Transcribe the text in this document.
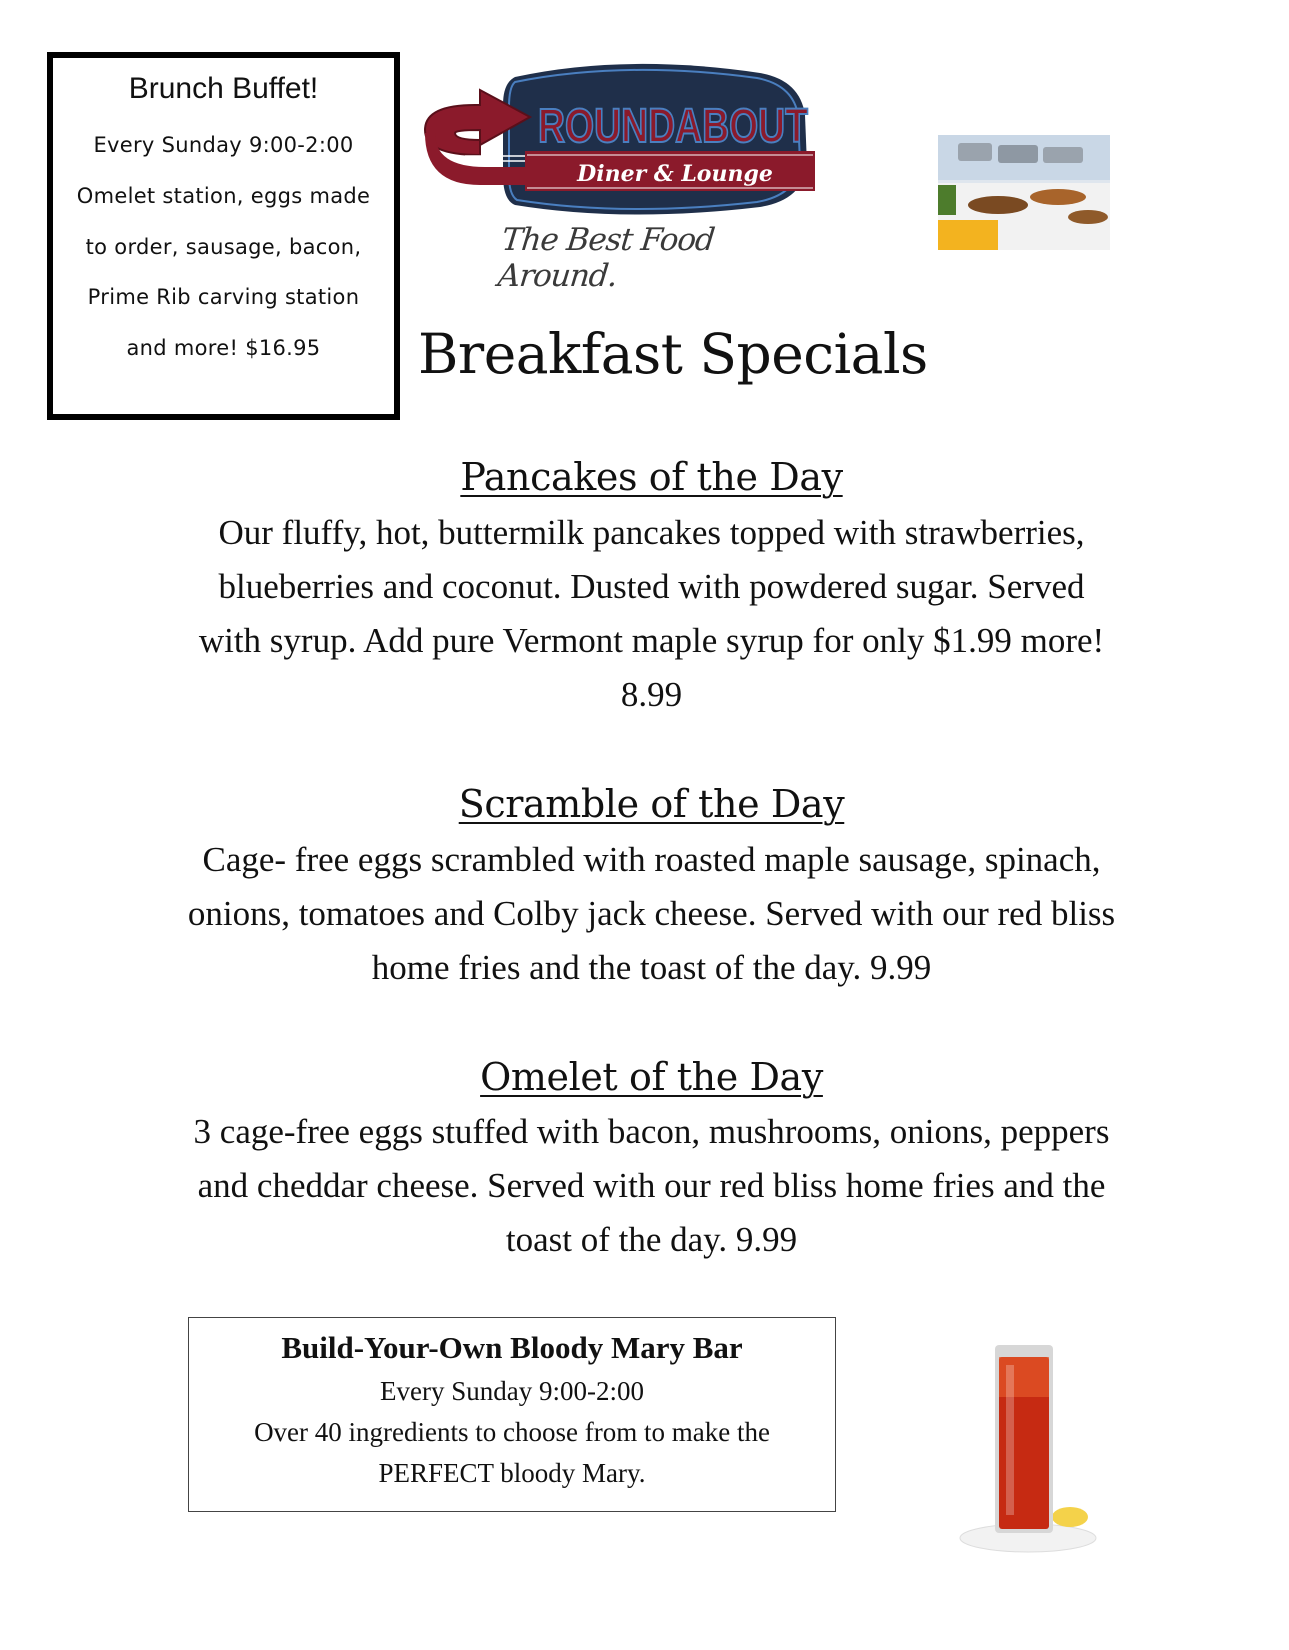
Brunch Buffet!
Every Sunday 9:00-2:00
Omelet station, eggs made
to order, sausage, bacon,
Prime Rib carving station
and more! $16.95
ROUNDABOUT
Diner & Lounge
The Best Food Around.
Breakfast Specials
Pancakes of the Day
Our fluffy, hot, buttermilk pancakes topped with strawberries,
blueberries and coconut. Dusted with powdered sugar. Served
with syrup. Add pure Vermont maple syrup for only $1.99 more!
8.99
Scramble of the Day
Cage- free eggs scrambled with roasted maple sausage, spinach,
onions, tomatoes and Colby jack cheese. Served with our red bliss
home fries and the toast of the day. 9.99
Omelet of the Day
3 cage-free eggs stuffed with bacon, mushrooms, onions, peppers
and cheddar cheese. Served with our red bliss home fries and the
toast of the day. 9.99
Build-Your-Own Bloody Mary Bar
Every Sunday 9:00-2:00
Over 40 ingredients to choose from to make the
PERFECT bloody Mary.
